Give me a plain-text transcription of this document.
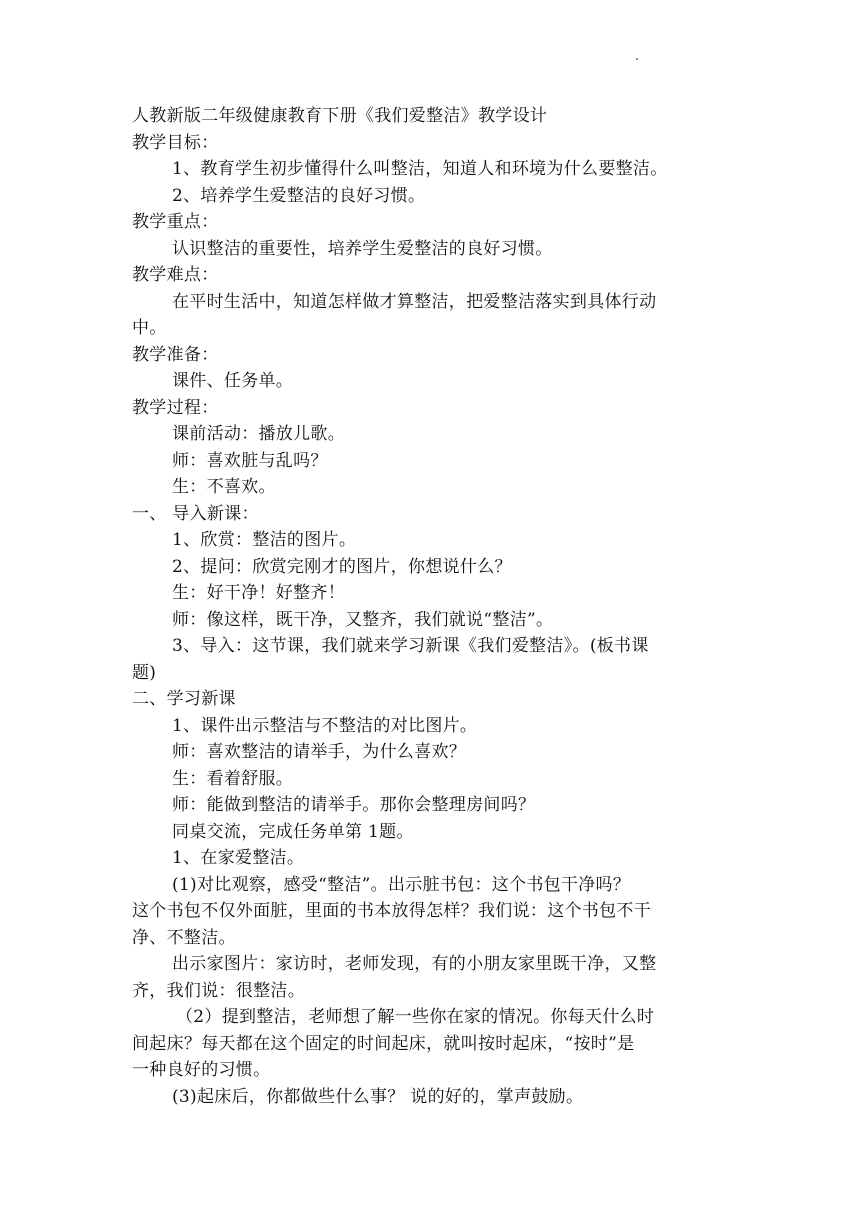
人教新版二年级健康教育下册《我们爱整洁》教学设计
教学目标：
1、教育学生初步懂得什么叫整洁，知道人和环境为什么要整洁。
2、培养学生爱整洁的良好习惯。
教学重点：
认识整洁的重要性，培养学生爱整洁的良好习惯。
教学难点：
在平时生活中，知道怎样做才算整洁，把爱整洁落实到具体行动
中。
教学准备：
课件、任务单。
教学过程：
课前活动：播放儿歌。
师：喜欢脏与乱吗？
生：不喜欢。
一、 导入新课：
1、欣赏：整洁的图片。
2、提问：欣赏完刚才的图片，你想说什么？
生：好干净！好整齐！
师：像这样，既干净，又整齐，我们就说“整洁”。
3、导入：这节课，我们就来学习新课《我们爱整洁》。(板书课
题)
二、学习新课
1、课件出示整洁与不整洁的对比图片。
师：喜欢整洁的请举手，为什么喜欢？
生：看着舒服。
师：能做到整洁的请举手。那你会整理房间吗？
同桌交流，完成任务单第 1题。
1、在家爱整洁。
(1)对比观察，感受“整洁”。出示脏书包：这个书包干净吗？
这个书包不仅外面脏，里面的书本放得怎样？我们说：这个书包不干
净、不整洁。
出示家图片：家访时，老师发现，有的小朋友家里既干净，又整
齐，我们说：很整洁。
（2）提到整洁，老师想了解一些你在家的情况。你每天什么时
间起床？每天都在这个固定的时间起床，就叫按时起床，“按时”是
一种良好的习惯。
(3)起床后，你都做些什么事？ 说的好的，掌声鼓励。
